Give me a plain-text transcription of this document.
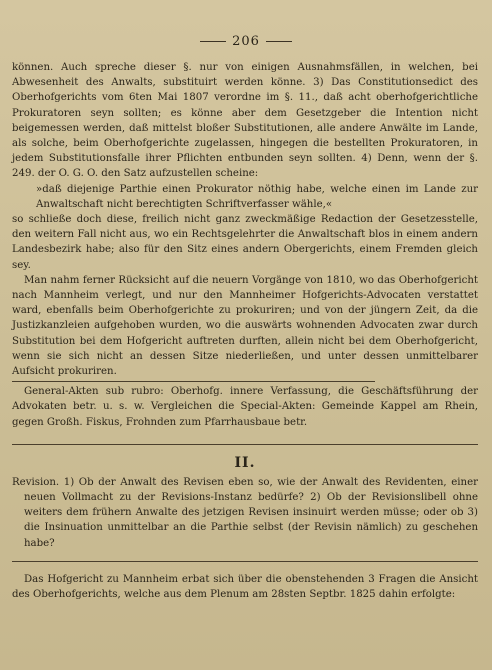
206

können. Auch spreche dieser §. nur von einigen Ausnahmsfällen, in welchen, bei Abwesenheit des Anwalts, substituirt werden könne. 3) Das Constitutionsedict des Oberhofgerichts vom 6ten Mai 1807 verordne im §. 11., daß acht oberhofgerichtliche Prokuratoren seyn sollten; es könne aber dem Gesetzgeber die Intention nicht beigemessen werden, daß mittelst bloßer Substitutionen, alle andere Anwälte im Lande, als solche, beim Oberhofgerichte zugelassen, hingegen die bestellten Prokuratoren, in jedem Substitutionsfalle ihrer Pflichten entbunden seyn sollten. 4) Denn, wenn der §. 249. der O. G. O. den Satz aufzustellen scheine:

»daß diejenige Parthie einen Prokurator nöthig habe, welche einen im Lande zur Anwaltschaft nicht berechtigten Schriftverfasser wähle,«

so schließe doch diese, freilich nicht ganz zweckmäßige Redaction der Gesetzesstelle, den weitern Fall nicht aus, wo ein Rechtsgelehrter die Anwaltschaft blos in einem andern Landesbezirk habe; also für den Sitz eines andern Obergerichts, einem Fremden gleich sey.

Man nahm ferner Rücksicht auf die neuern Vorgänge von 1810, wo das Oberhofgericht nach Mannheim verlegt, und nur den Mannheimer Hofgerichts-Advocaten verstattet ward, ebenfalls beim Oberhofgerichte zu prokuriren; und von der jüngern Zeit, da die Justizkanzleien aufgehoben wurden, wo die auswärts wohnenden Advocaten zwar durch Substitution bei dem Hofgericht auftreten durften, allein nicht bei dem Oberhofgericht, wenn sie sich nicht an dessen Sitze niederließen, und unter dessen unmittelbarer Aufsicht prokuriren.

General-Akten sub rubro: Oberhofg. innere Verfassung, die Geschäftsführung der Advokaten betr. u. s. w. Vergleichen die Special-Akten: Gemeinde Kappel am Rhein, gegen Großh. Fiskus, Frohnden zum Pfarrhausbaue betr.

II.

Revision. 1) Ob der Anwalt des Revisen eben so, wie der Anwalt des Revidenten, einer neuen Vollmacht zu der Revisions-Instanz bedürfe? 2) Ob der Revisionslibell ohne weiters dem frühern Anwalte des jetzigen Revisen insinuirt werden müsse; oder ob 3) die Insinuation unmittelbar an die Parthie selbst (der Revisin nämlich) zu geschehen habe?

Das Hofgericht zu Mannheim erbat sich über die obenstehenden 3 Fragen die Ansicht des Oberhofgerichts, welche aus dem Plenum am 28sten Septbr. 1825 dahin erfolgte:
